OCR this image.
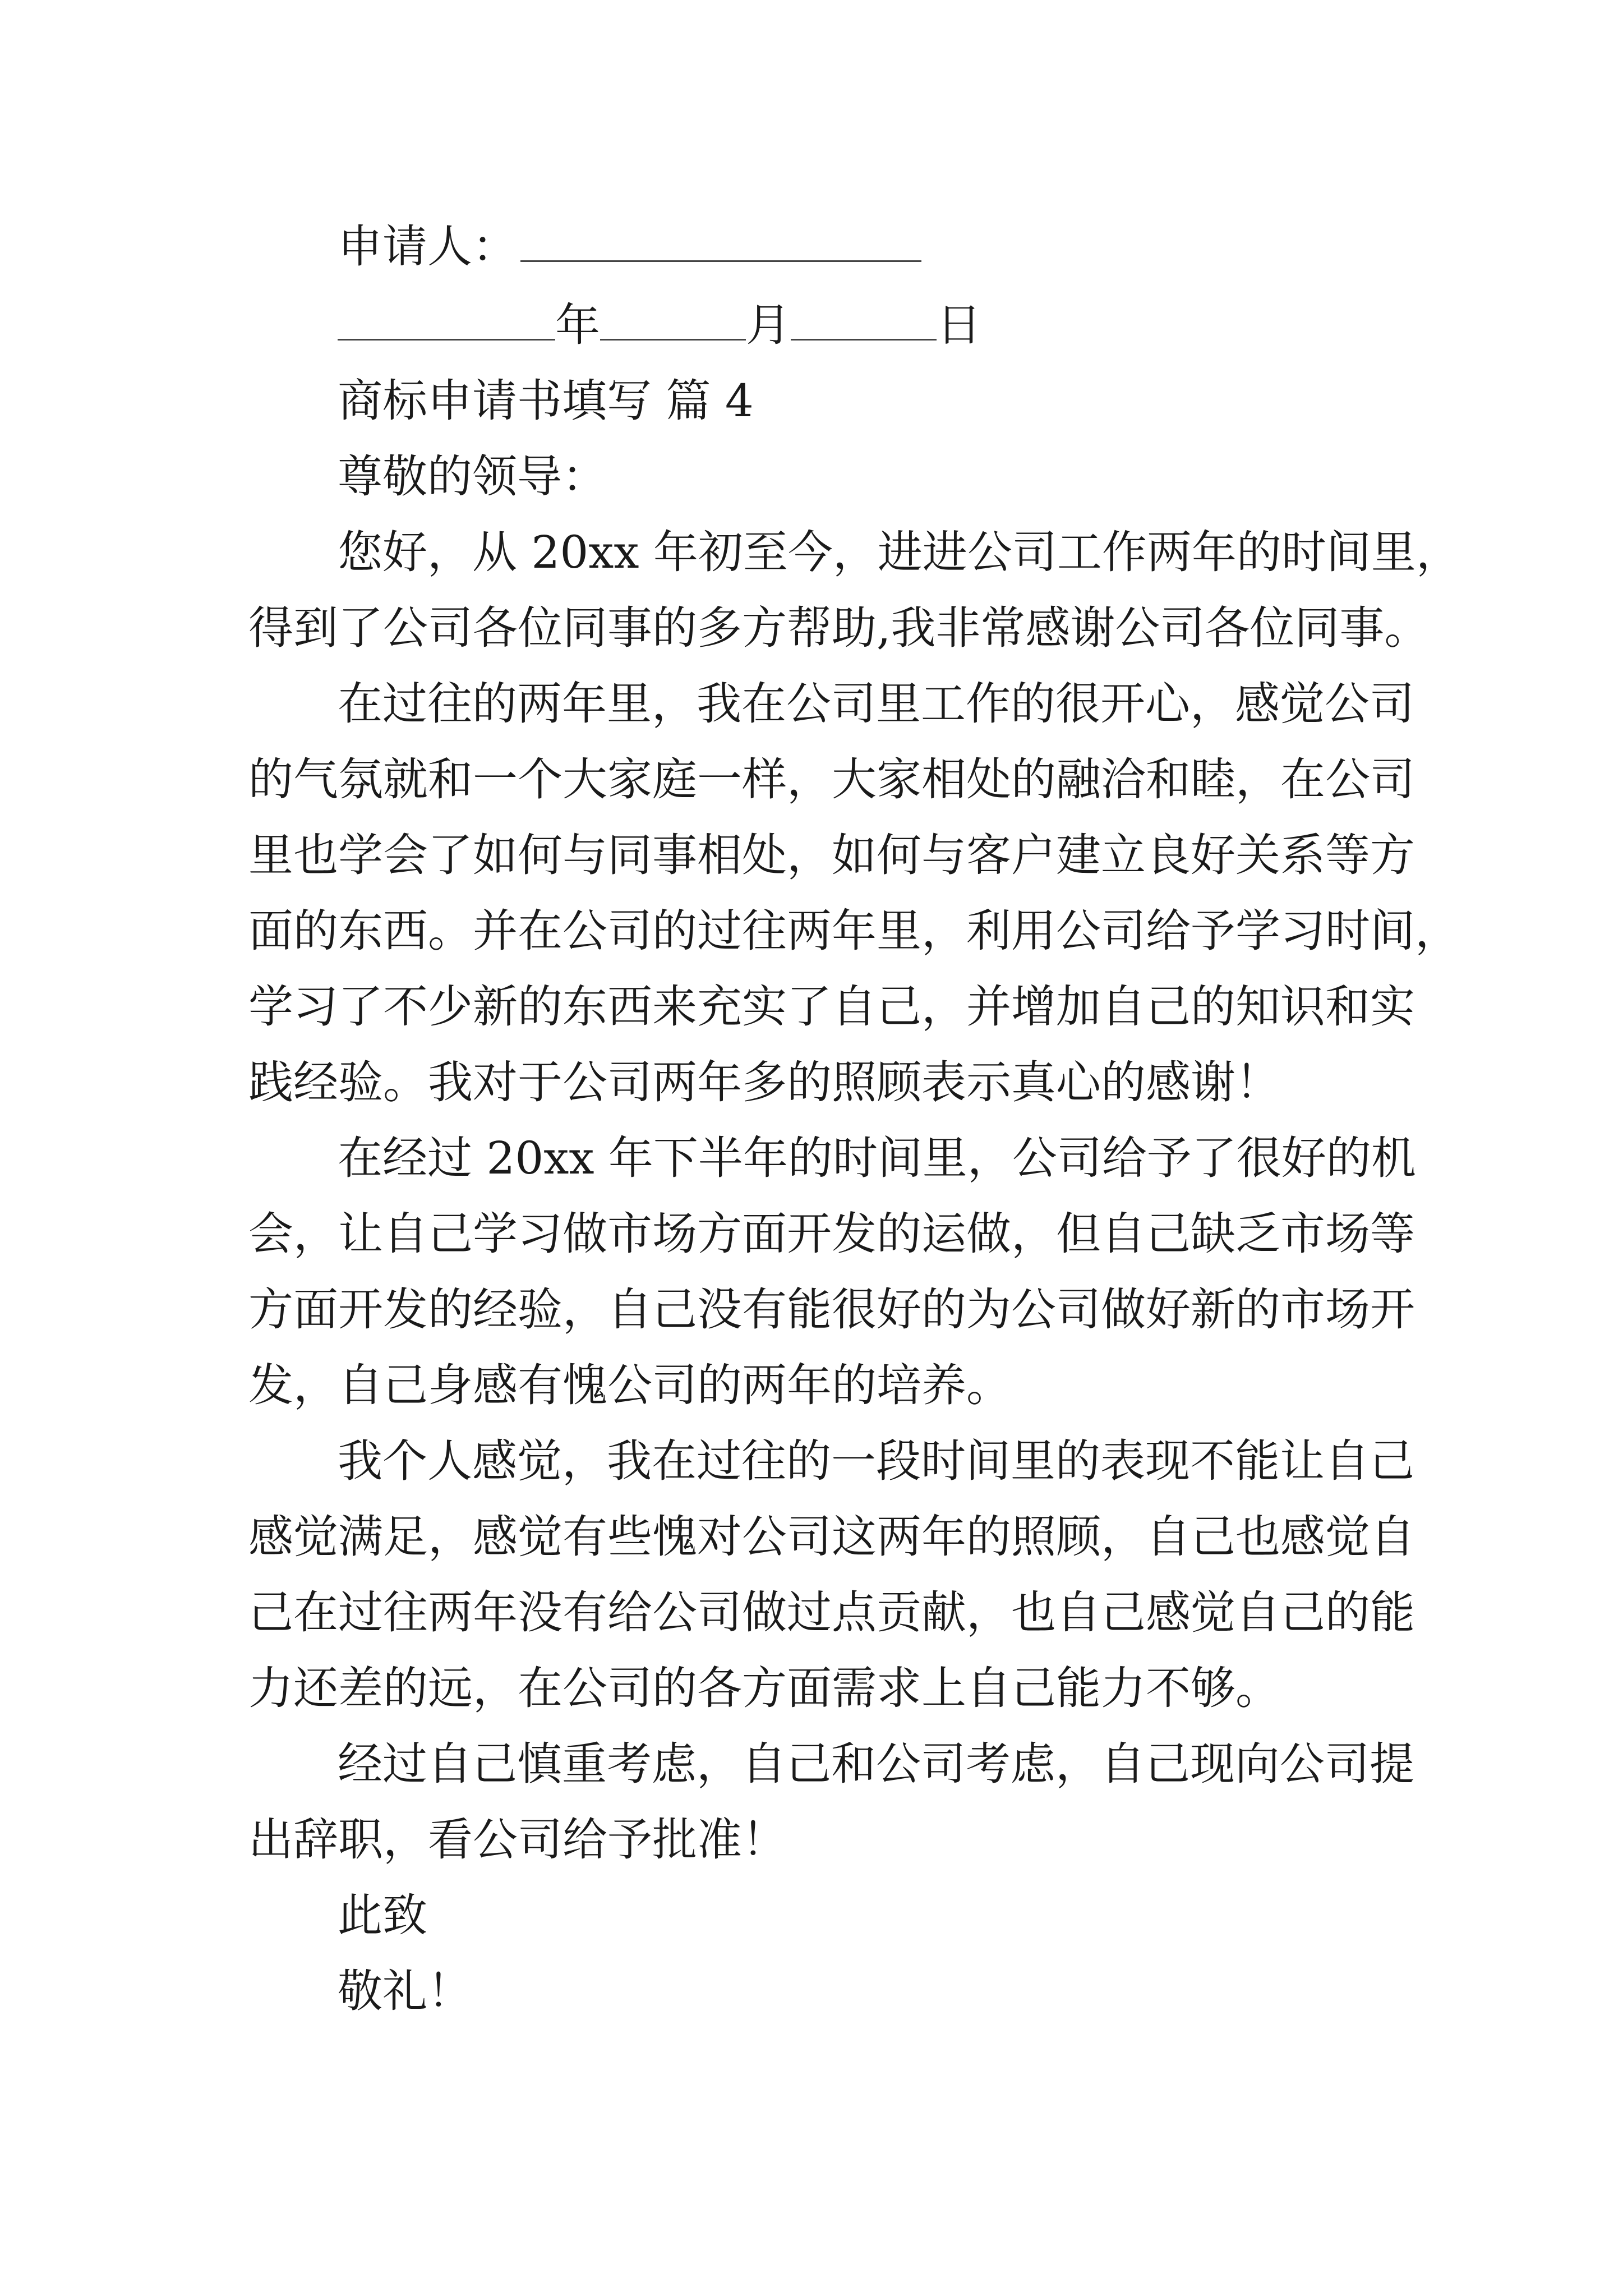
申请人：
年	月	日
商标申请书填写 篇 4
尊敬的领导：
您好，从 20xx 年初至今，进进公司工作两年的时间里，
得到了公司各位同事的多方帮助,我非常感谢公司各位同事。
在过往的两年里，我在公司里工作的很开心，感觉公司
的气氛就和一个大家庭一样，大家相处的融洽和睦，在公司
里也学会了如何与同事相处，如何与客户建立良好关系等方
面的东西。并在公司的过往两年里，利用公司给予学习时间，
学习了不少新的东西来充实了自己，并增加自己的知识和实
践经验。我对于公司两年多的照顾表示真心的感谢！
在经过 20xx 年下半年的时间里，公司给予了很好的机
会，让自己学习做市场方面开发的运做，但自己缺乏市场等
方面开发的经验，自己没有能很好的为公司做好新的市场开
发，自己身感有愧公司的两年的培养。
我个人感觉，我在过往的一段时间里的表现不能让自己
感觉满足，感觉有些愧对公司这两年的照顾，自己也感觉自
己在过往两年没有给公司做过点贡献，也自己感觉自己的能
力还差的远，在公司的各方面需求上自己能力不够。
经过自己慎重考虑，自己和公司考虑，自己现向公司提
出辞职，看公司给予批准！
此致
敬礼！
